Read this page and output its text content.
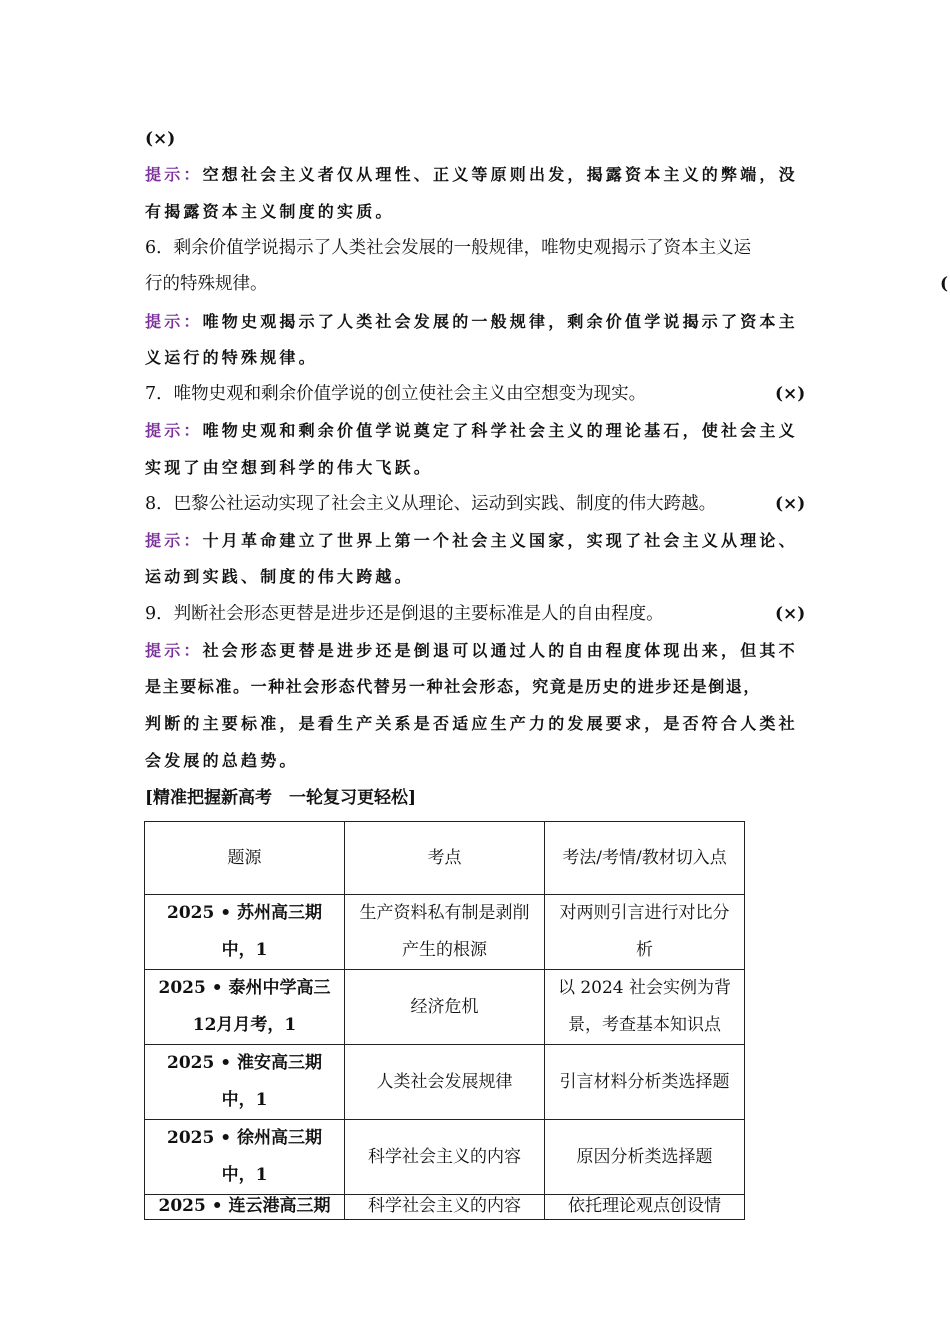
(×)
提示：空想社会主义者仅从理性、正义等原则出发，揭露资本主义的弊端，没
有揭露资本主义制度的实质。
6．剩余价值学说揭示了人类社会发展的一般规律，唯物史观揭示了资本主义运
行的特殊规律。	(
提示：唯物史观揭示了人类社会发展的一般规律，剩余价值学说揭示了资本主
义运行的特殊规律。
7．唯物史观和剩余价值学说的创立使社会主义由空想变为现实。	(×)
提示：唯物史观和剩余价值学说奠定了科学社会主义的理论基石，使社会主义
实现了由空想到科学的伟大飞跃。
8．巴黎公社运动实现了社会主义从理论、运动到实践、制度的伟大跨越。	(×)
提示：十月革命建立了世界上第一个社会主义国家，实现了社会主义从理论、
运动到实践、制度的伟大跨越。
9．判断社会形态更替是进步还是倒退的主要标准是人的自由程度。	(×)
提示：社会形态更替是进步还是倒退可以通过人的自由程度体现出来，但其不
是主要标准。一种社会形态代替另一种社会形态，究竟是历史的进步还是倒退，
判断的主要标准，是看生产关系是否适应生产力的发展要求，是否符合人类社
会发展的总趋势。
[精准把握新高考　一轮复习更轻松]
题源	考点	考法/考情/教材切入点
2025 • 苏州高三期中，1	生产资料私有制是剥削产生的根源	对两则引言进行对比分析
2025 • 泰州中学高三12月月考，1	经济危机	以 2024 社会实例为背景，考查基本知识点
2025 • 淮安高三期中，1	人类社会发展规律	引言材料分析类选择题
2025 • 徐州高三期中，1	科学社会主义的内容	原因分析类选择题
2025 • 连云港高三期	科学社会主义的内容	依托理论观点创设情
